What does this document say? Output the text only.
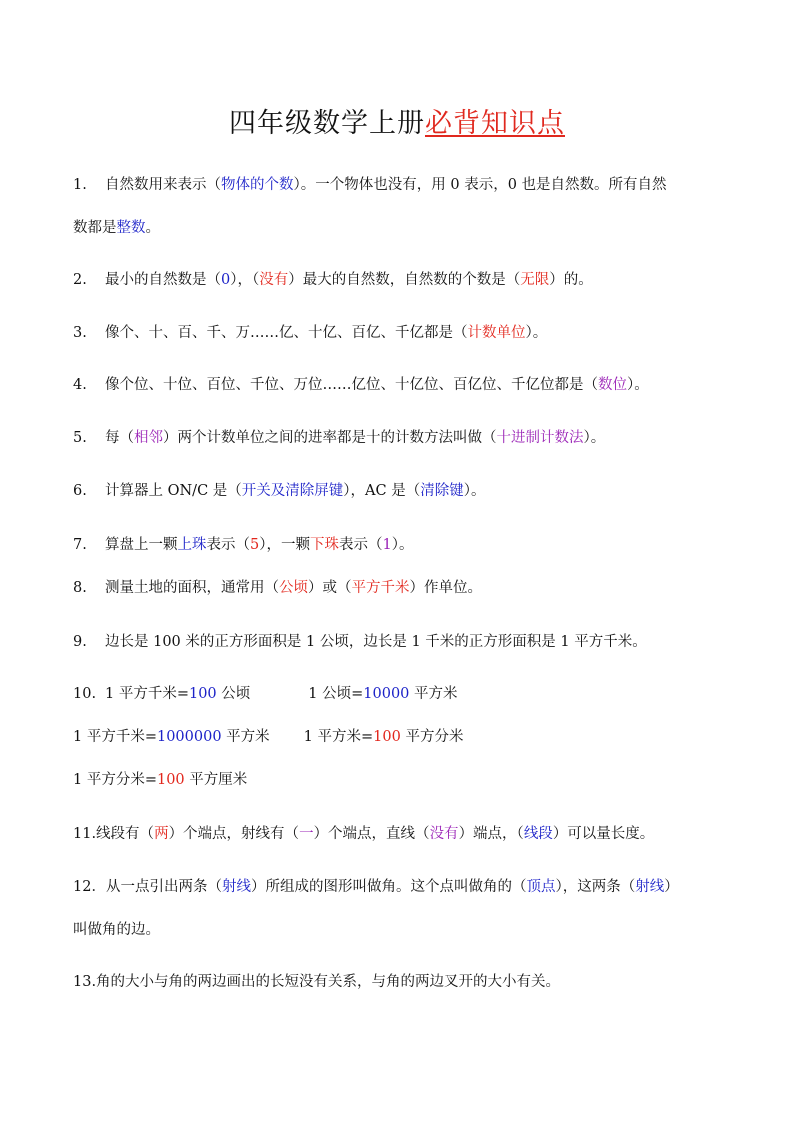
四年级数学上册必背知识点
1. 自然数用来表示（物体的个数）。一个物体也没有，用 0 表示，0 也是自然数。所有自然
数都是整数。
2. 最小的自然数是（0），（没有）最大的自然数，自然数的个数是（无限）的。
3. 像个、十、百、千、万……亿、十亿、百亿、千亿都是（计数单位）。
4. 像个位、十位、百位、千位、万位……亿位、十亿位、百亿位、千亿位都是（数位）。
5. 每（相邻）两个计数单位之间的进率都是十的计数方法叫做（十进制计数法）。
6. 计算器上 ON/C 是（开关及清除屏键），AC 是（清除键）。
7. 算盘上一颗上珠表示（5），一颗下珠表示（1）。
8. 测量土地的面积，通常用（公顷）或（平方千米）作单位。
9. 边长是 100 米的正方形面积是 1 公顷，边长是 1 千米的正方形面积是 1 平方千米。
10. 1 平方千米=100 公顷	1 公顷=10000 平方米
1 平方千米=1000000 平方米 1 平方米=100 平方分米
1 平方分米=100 平方厘米
11.线段有（两）个端点，射线有（一）个端点，直线（没有）端点，（线段）可以量长度。
12．从一点引出两条（射线）所组成的图形叫做角。这个点叫做角的（顶点），这两条（射线）
叫做角的边。
13.角的大小与角的两边画出的长短没有关系，与角的两边叉开的大小有关。
